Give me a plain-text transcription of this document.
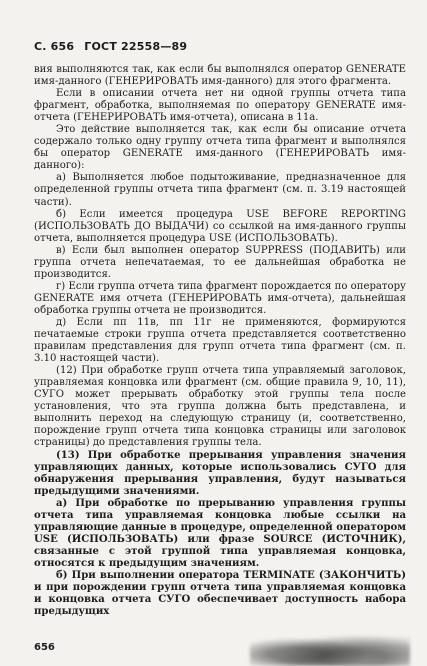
С. 656 ГОСТ 22558—89

вия выполняются так, как если бы выполнялся оператор GENERATE имя-данного (ГЕНЕРИРОВАТЬ имя-данного) для этого фрагмента.

Если в описании отчета нет ни одной группы отчета типа фрагмент, обработка, выполняемая по оператору GENERATE имя-отчета (ГЕНЕРИРОВАТЬ имя-отчета), описана в 11a.

Это действие выполняется так, как если бы описание отчета содержало только одну группу отчета типа фрагмент и выполнялся бы оператор GENERATE имя-данного (ГЕНЕРИРОВАТЬ имя-данного):

а) Выполняется любое подытоживание, предназначенное для определенной группы отчета типа фрагмент (см. п. 3.19 настоящей части).

б) Если имеется процедура USE BEFORE REPORTING (ИСПОЛЬЗОВАТЬ ДО ВЫДАЧИ) со ссылкой на имя-данного группы отчета, выполняется процедура USE (ИСПОЛЬЗОВАТЬ).

в) Если был выполнен оператор SUPPRESS (ПОДАВИТЬ) или группа отчета непечатаемая, то ее дальнейшая обработка не производится.

г) Если группа отчета типа фрагмент порождается по оператору GENERATE имя отчета (ГЕНЕРИРОВАТЬ имя-отчета), дальнейшая обработка группы отчета не производится.

д) Если пп 11в, пп 11г не применяются, формируются печатаемые строки группа отчета представляется соответственно правилам представления для групп отчета типа фрагмент (см. п. 3.10 настоящей части).

(12) При обработке групп отчета типа управляемый заголовок, управляемая концовка или фрагмент (см. общие правила 9, 10, 11), СУГО может прерывать обработку этой группы тела после установления, что эта группа должна быть представлена, и выполнить переход на следующую страницу (и, соответственно, порождение групп отчета типа концовка страницы или заголовок страницы) до представления группы тела.

(13) При обработке прерывания управления значения управляющих данных, которые использовались СУГО для обнаружения прерывания управления, будут называться предыдущими значениями.

а) При обработке по прерыванию управления группы отчета типа управляемая концовка любые ссылки на управляющие данные в процедуре, определенной оператором USE (ИСПОЛЬЗОВАТЬ) или фразе SOURCE (ИСТОЧНИК), связанные с этой группой типа управляемая концовка, относятся к предыдущим значениям.

б) При выполнении оператора TERMINATE (ЗАКОНЧИТЬ) и при порождении групп отчета типа управляемая концовка и концовка отчета СУГО обеспечивает доступность набора предыдущих

656
